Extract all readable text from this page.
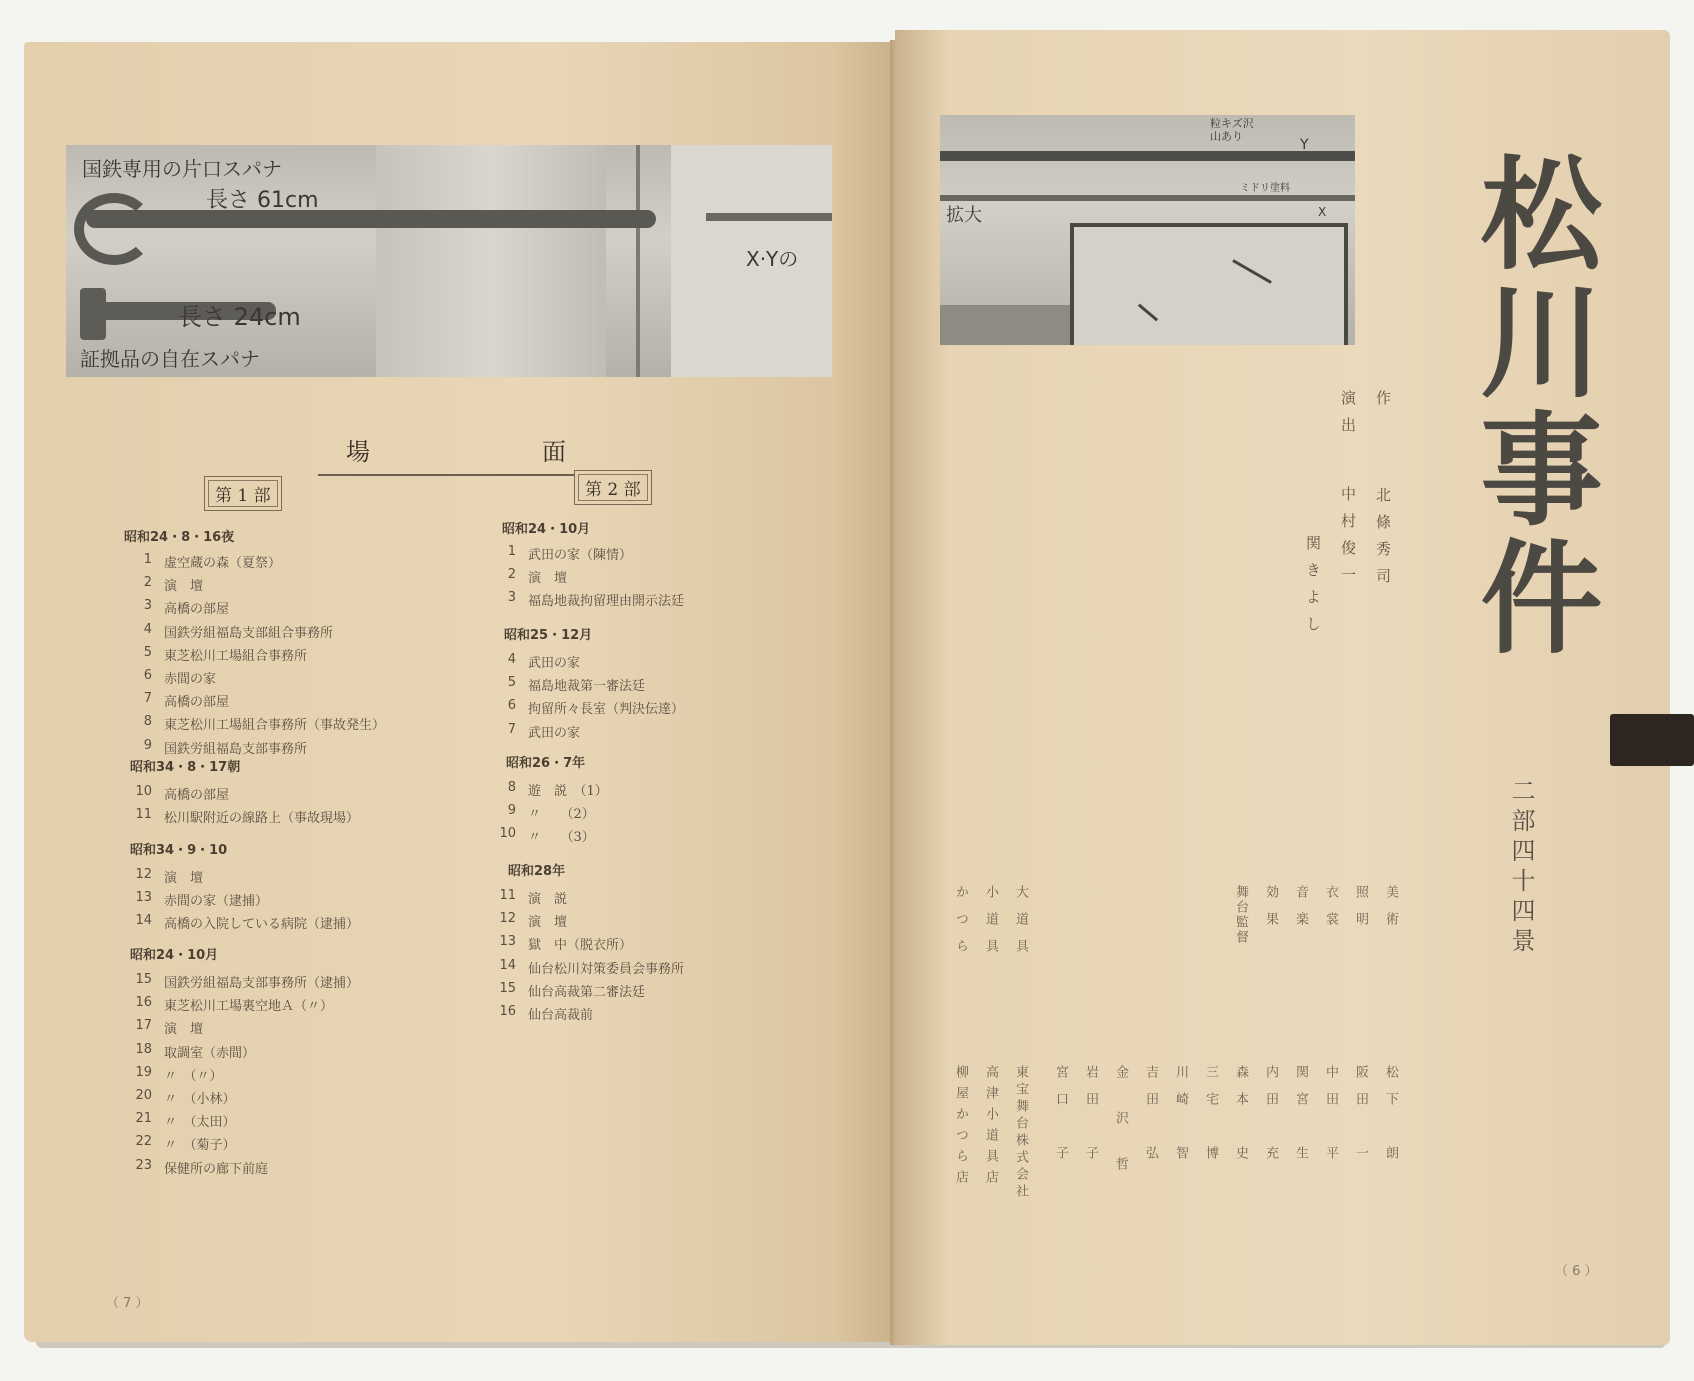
国鉄専用の片口スパナ
長さ 61cm
長さ 24cm
証拠品の自在スパナ
X·Yの
場	面
第 1 部	第 2 部
昭和24・8・16夜
1 虚空蔵の森（夏祭）
2 演　壇
3 高橋の部屋
4 国鉄労組福島支部組合事務所
5 東芝松川工場組合事務所
6 赤間の家
7 高橋の部屋
8 東芝松川工場組合事務所（事故発生）
9 国鉄労組福島支部事務所
昭和34・8・17朝
10 高橋の部屋
11 松川駅附近の線路上（事故現場）
昭和34・9・10
12 演　壇
13 赤間の家（逮捕）
14 高橋の入院している病院（逮捕）
昭和24・10月
15 国鉄労組福島支部事務所（逮捕）
16 東芝松川工場裏空地Ａ（〃）
17 演　壇
18 取調室（赤間）
19 〃　（〃）
20 〃　（小林）
21 〃　（太田）
22 〃　（菊子）
23 保健所の廊下前庭
昭和24・10月
1 武田の家（陳情）
2 演　壇
3 福島地裁拘留理由開示法廷
昭和25・12月
4 武田の家
5 福島地裁第一審法廷
6 拘留所々長室（判決伝達）
7 武田の家
昭和26・7年
8 遊　説　（1）
9 〃　　（2）
10 〃　　（3）
昭和28年
11 演　説
12 演　壇
13 獄　中（脱衣所）
14 仙台松川対策委員会事務所
15 仙台高裁第二審法廷
16 仙台高裁前
（ 7 ）
拡大
粒キズ沢山あり
Y
X
ミドリ塗料
作北條秀司
演出中村俊一
関きよし
美術
照明
衣裳
音楽
効果
舞台監督
大道具
小道具
かつら
松下　朗
阪田　一
中田　平
関宮　生
内田　充
森本　史
三宅　博
川崎　智
吉田　弘
金　沢　哲
岩田　子
宮口　子
東宝舞台株式会社
高津小道具店
柳屋かつら店
（ 6 ）
松川事件
二部四十四景
